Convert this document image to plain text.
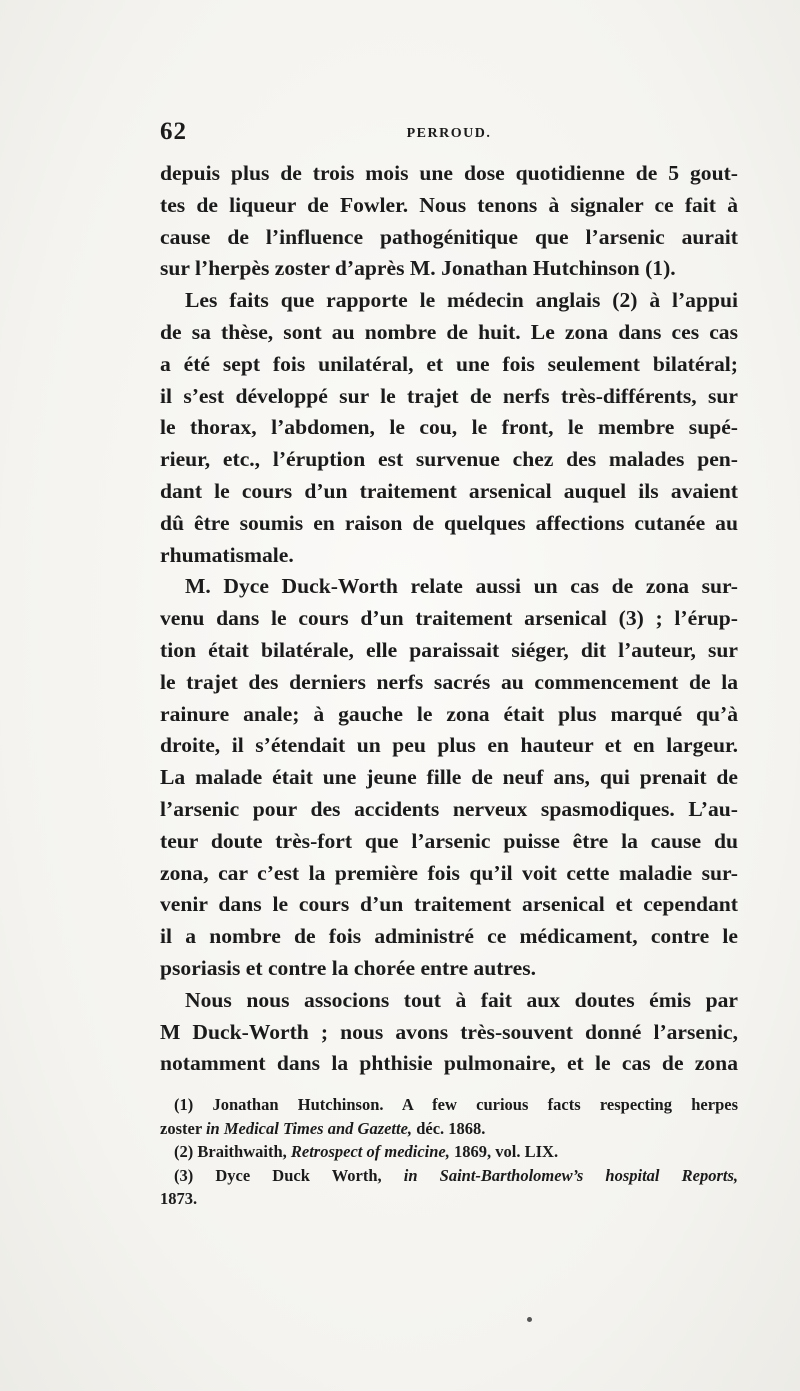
62	PERROUD.
depuis plus de trois mois une dose quotidienne de 5 gout-
tes de liqueur de Fowler. Nous tenons à signaler ce fait à
cause de l’influence pathogénitique que l’arsenic aurait
sur l’herpès zoster d’après M. Jonathan Hutchinson (1).
Les faits que rapporte le médecin anglais (2) à l’appui
de sa thèse, sont au nombre de huit. Le zona dans ces cas
a été sept fois unilatéral, et une fois seulement bilatéral;
il s’est développé sur le trajet de nerfs très-différents, sur
le thorax, l’abdomen, le cou, le front, le membre supé-
rieur, etc., l’éruption est survenue chez des malades pen-
dant le cours d’un traitement arsenical auquel ils avaient
dû être soumis en raison de quelques affections cutanée au
rhumatismale.
M. Dyce Duck-Worth relate aussi un cas de zona sur-
venu dans le cours d’un traitement arsenical (3) ; l’érup-
tion était bilatérale, elle paraissait siéger, dit l’auteur, sur
le trajet des derniers nerfs sacrés au commencement de la
rainure anale; à gauche le zona était plus marqué qu’à
droite, il s’étendait un peu plus en hauteur et en largeur.
La malade était une jeune fille de neuf ans, qui prenait de
l’arsenic pour des accidents nerveux spasmodiques. L’au-
teur doute très-fort que l’arsenic puisse être la cause du
zona, car c’est la première fois qu’il voit cette maladie sur-
venir dans le cours d’un traitement arsenical et cependant
il a nombre de fois administré ce médicament, contre le
psoriasis et contre la chorée entre autres.
Nous nous associons tout à fait aux doutes émis par
M Duck-Worth ; nous avons très-souvent donné l’arsenic,
notamment dans la phthisie pulmonaire, et le cas de zona
(1) Jonathan Hutchinson. A few curious facts respecting herpes
zoster in Medical Times and Gazette, déc. 1868.
(2) Braithwaith, Retrospect of medicine, 1869, vol. LIX.
(3) Dyce Duck Worth, in Saint-Bartholomew’s hospital Reports,
1873.
